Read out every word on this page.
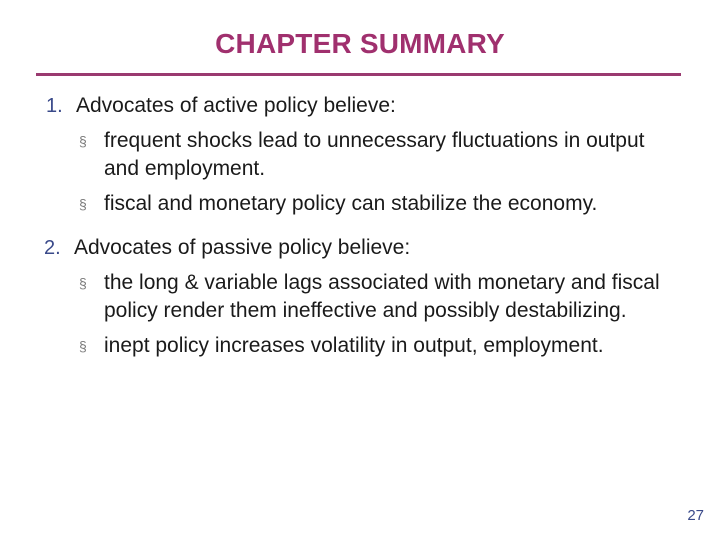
CHAPTER SUMMARY
1. Advocates of active policy believe:
§ frequent shocks lead to unnecessary fluctuations in output and employment.
§ fiscal and monetary policy can stabilize the economy.
2. Advocates of passive policy believe:
§ the long & variable lags associated with monetary and fiscal policy render them ineffective and possibly destabilizing.
§ inept policy increases volatility in output, employment.
27
